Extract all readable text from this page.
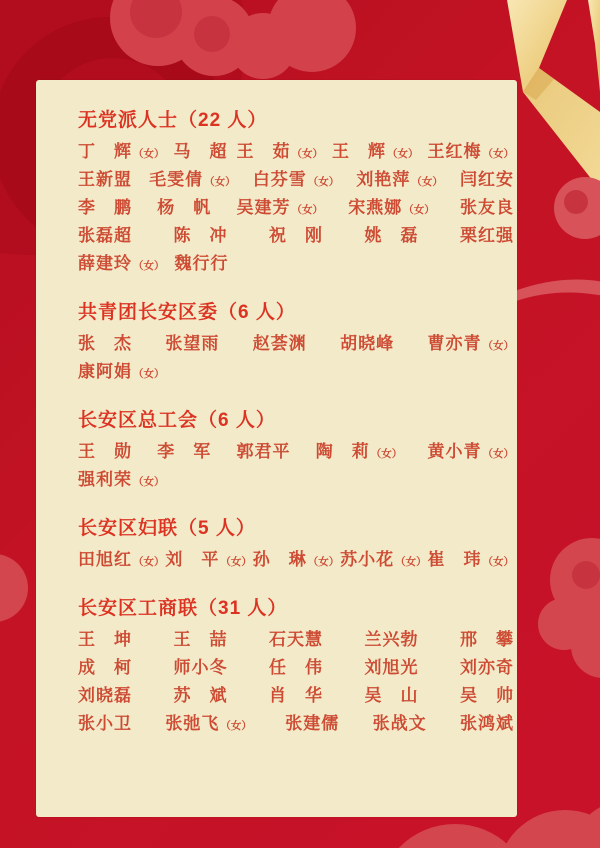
无党派人士（22 人）
丁　辉 （女） 马　超 王　茹 （女） 王　辉 （女） 王红梅 （女）
王新盟 毛雯倩 （女） 白芬雪 （女） 刘艳萍 （女） 闫红安
李　鹏 杨　帆 吴建芳 （女） 宋燕娜 （女） 张友良
张磊超 陈　冲 祝　刚 姚　磊 栗红强
薛建玲 （女） 魏行行
共青团长安区委（6 人）
张　杰 张望雨 赵荟渊 胡晓峰 曹亦青 （女）
康阿娟 （女）
长安区总工会（6 人）
王　勋 李　军 郭君平 陶　莉 （女） 黄小青 （女）
强利荣 （女）
长安区妇联（5 人）
田旭红 （女） 刘　平 （女） 孙　琳 （女） 苏小花 （女） 崔　玮 （女）
长安区工商联（31 人）
王　坤 王　喆 石天慧 兰兴勃 邢　攀
成　柯 师小冬 任　伟 刘旭光 刘亦奇
刘晓磊 苏　斌 肖　华 吴　山 吴　帅
张小卫 张弛飞 （女） 张建儒 张战文 张鸿斌
